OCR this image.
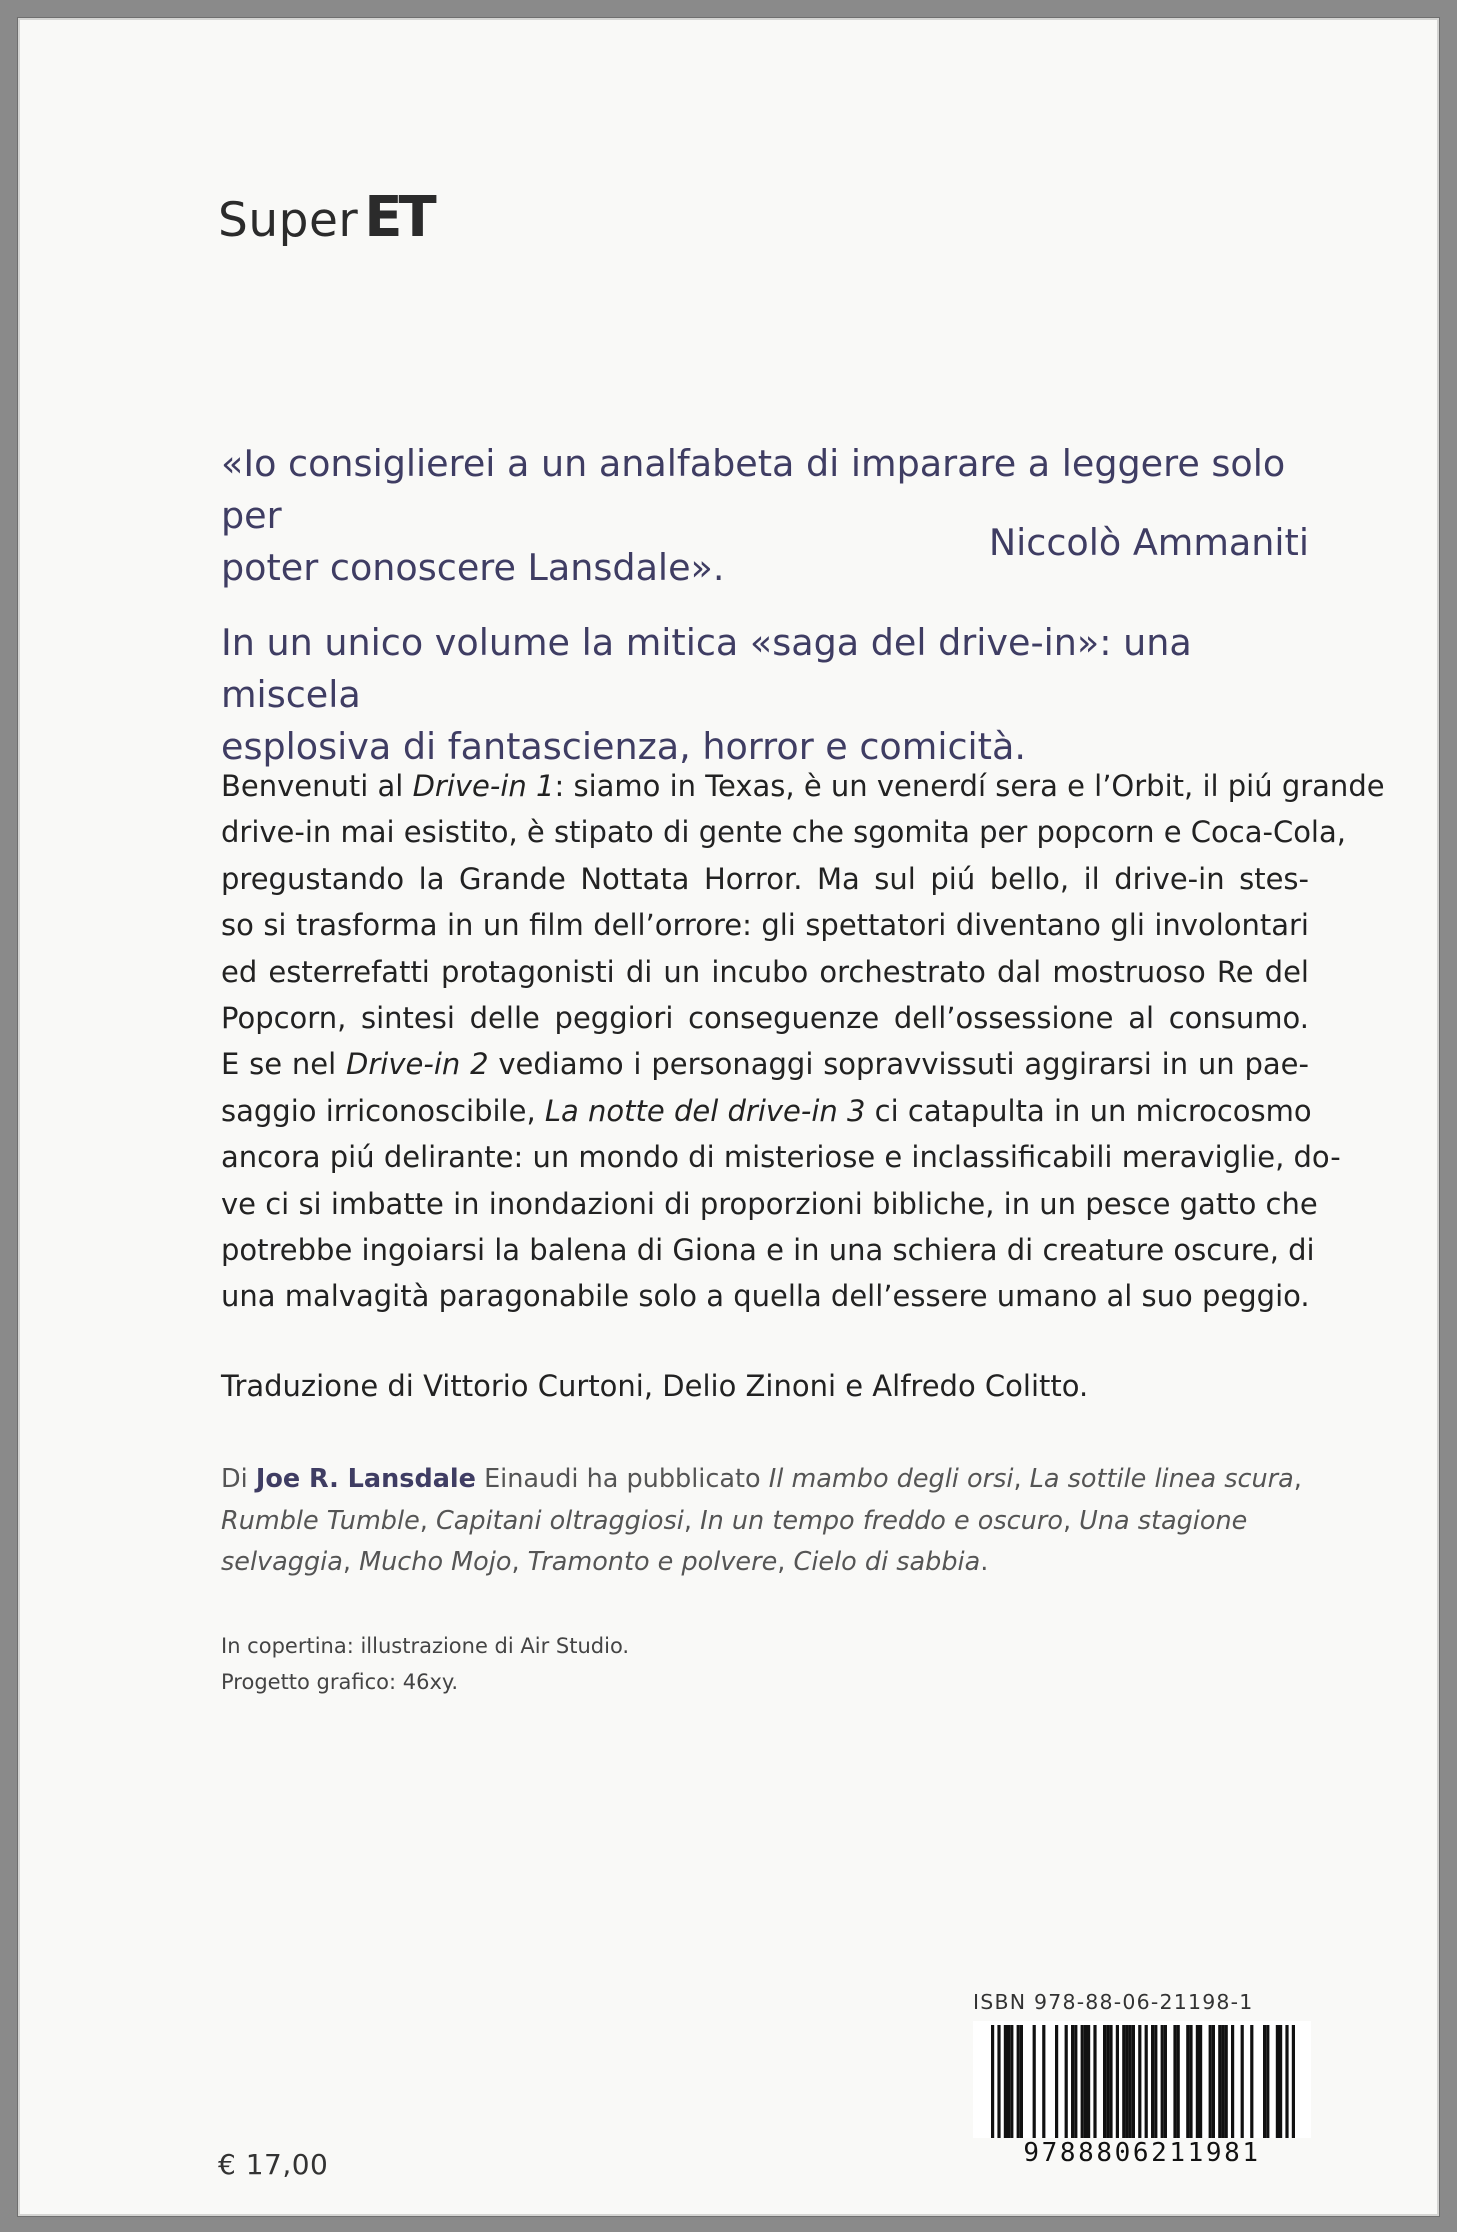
Super ET
«Io consiglierei a un analfabeta di imparare a leggere solo per
poter conoscere Lansdale».
Niccolò Ammaniti
In un unico volume la mitica «saga del drive-in»: una miscela
esplosiva di fantascienza, horror e comicità.
Benvenuti al Drive-in 1: siamo in Texas, è un venerdí sera e l’Orbit, il piú grande
drive-in mai esistito, è stipato di gente che sgomita per popcorn e Coca-Cola,
pregustando la Grande Nottata Horror. Ma sul piú bello, il drive-in stes-
so si trasforma in un film dell’orrore: gli spettatori diventano gli involontari
ed esterrefatti protagonisti di un incubo orchestrato dal mostruoso Re del
Popcorn, sintesi delle peggiori conseguenze dell’ossessione al consumo.
E se nel Drive-in 2 vediamo i personaggi sopravvissuti aggirarsi in un pae-
saggio irriconoscibile, La notte del drive-in 3 ci catapulta in un microcosmo
ancora piú delirante: un mondo di misteriose e inclassificabili meraviglie, do-
ve ci si imbatte in inondazioni di proporzioni bibliche, in un pesce gatto che
potrebbe ingoiarsi la balena di Giona e in una schiera di creature oscure, di
una malvagità paragonabile solo a quella dell’essere umano al suo peggio.
Traduzione di Vittorio Curtoni, Delio Zinoni e Alfredo Colitto.
Di Joe R. Lansdale Einaudi ha pubblicato Il mambo degli orsi, La sottile linea scura, Rumble Tumble, Capitani oltraggiosi, In un tempo freddo e oscuro, Una stagione selvaggia, Mucho Mojo, Tramonto e polvere, Cielo di sabbia.
In copertina: illustrazione di Air Studio.
Progetto grafico: 46xy.
€ 17,00
ISBN 978-88-06-21198-1
9788806211981
